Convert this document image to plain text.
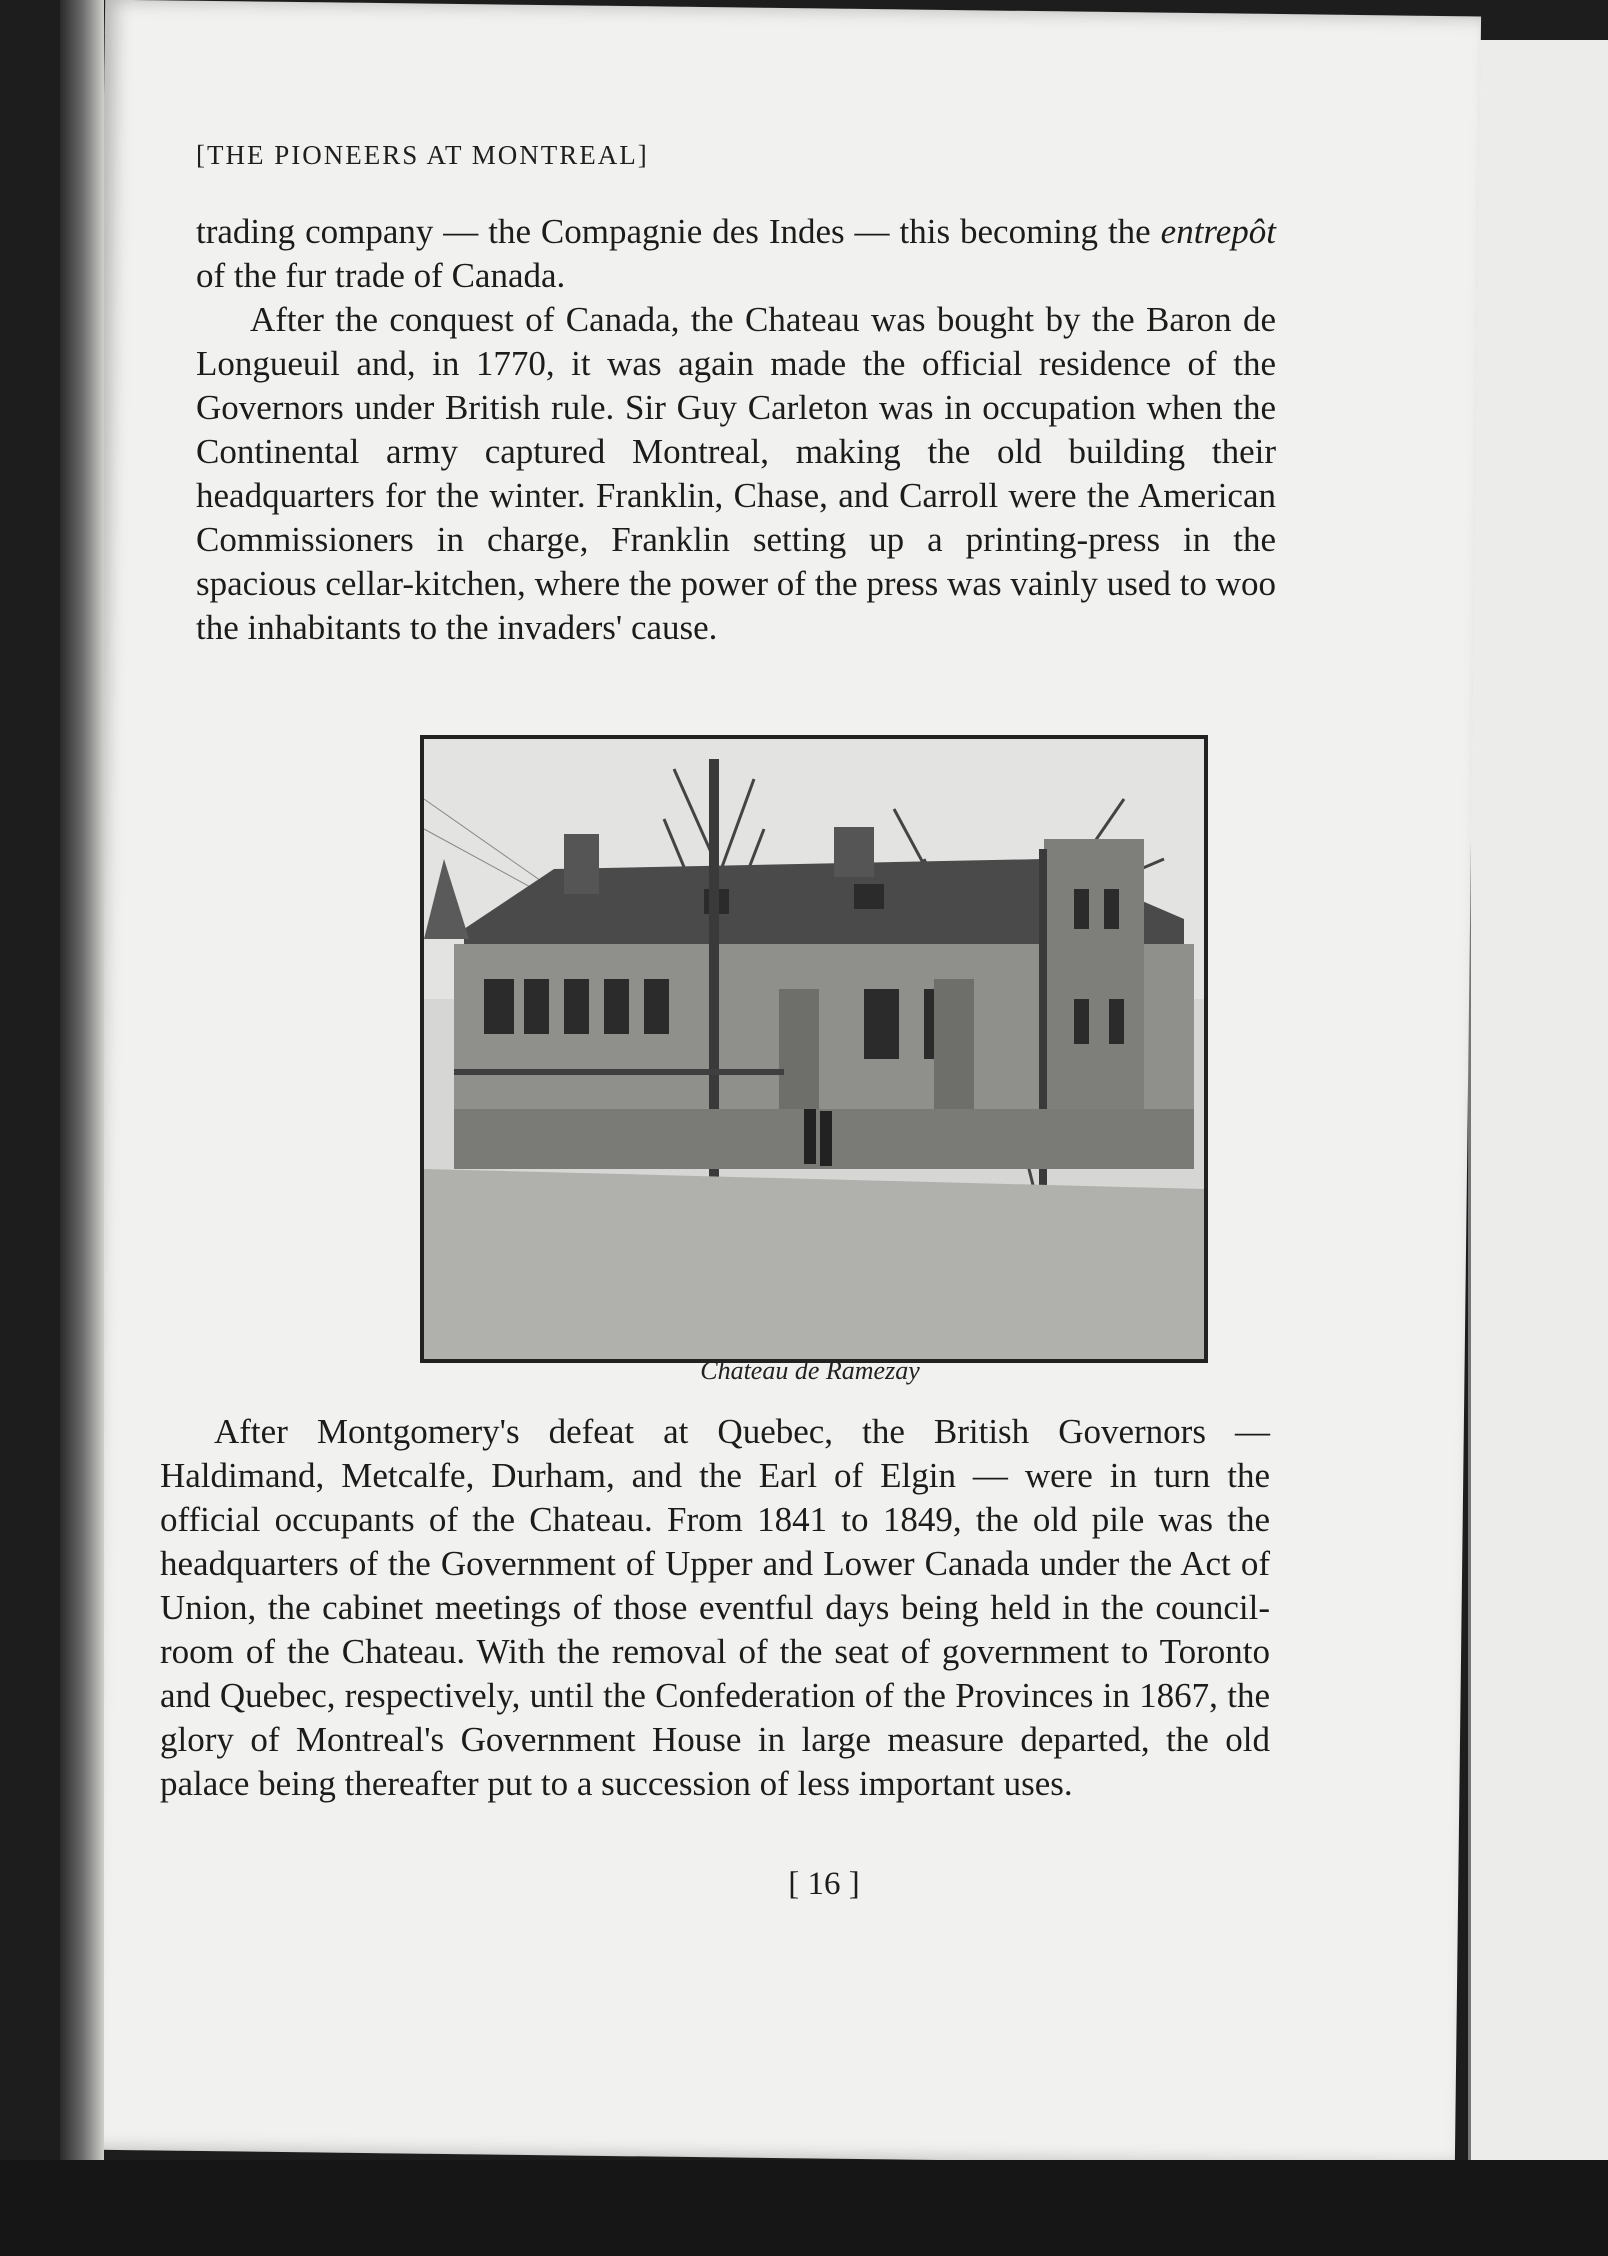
[THE PIONEERS AT MONTREAL]

trading company — the Compagnie des Indes — this becoming the entrepôt of the fur trade of Canada.

After the conquest of Canada, the Chateau was bought by the Baron de Longueuil and, in 1770, it was again made the official residence of the Governors under British rule. Sir Guy Carleton was in occupation when the Continental army captured Montreal, making the old building their headquarters for the winter. Franklin, Chase, and Carroll were the American Commissioners in charge, Franklin setting up a printing-press in the spacious cellar-kitchen, where the power of the press was vainly used to woo the inhabitants to the invaders' cause.

Chateau de Ramezay

After Montgomery's defeat at Quebec, the British Governors — Haldimand, Metcalfe, Durham, and the Earl of Elgin — were in turn the official occupants of the Chateau. From 1841 to 1849, the old pile was the headquarters of the Government of Upper and Lower Canada under the Act of Union, the cabinet meetings of those eventful days being held in the council-room of the Chateau. With the removal of the seat of government to Toronto and Quebec, respectively, until the Confederation of the Provinces in 1867, the glory of Montreal's Government House in large measure departed, the old palace being thereafter put to a succession of less important uses.

[ 16 ]
